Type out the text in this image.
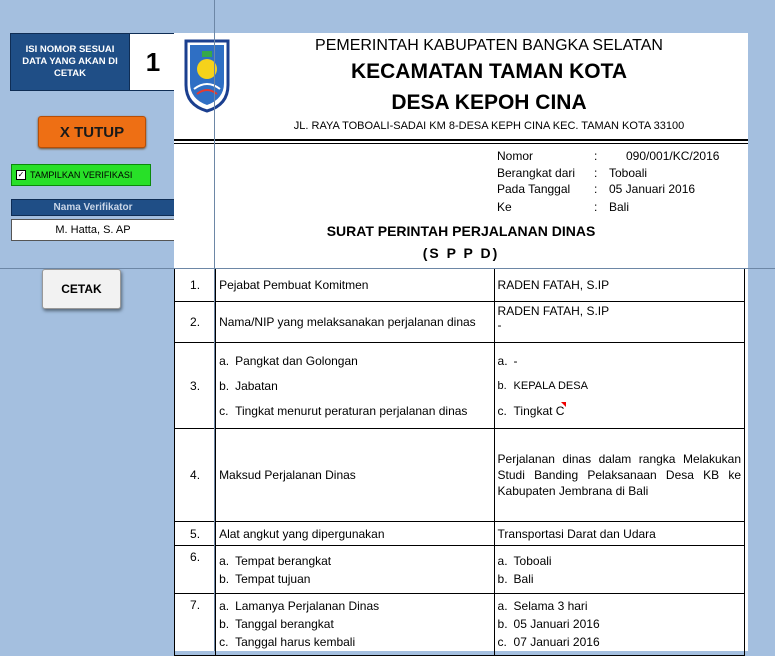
ISI NOMOR SESUAI DATA YANG AKAN DI CETAK	1
X TUTUP
✓ TAMPILKAN VERIFIKASI
Nama Verifikator
M. Hatta, S. AP
CETAK
PEMERINTAH KABUPATEN BANGKA SELATAN
KECAMATAN TAMAN KOTA
DESA KEPOH CINA
JL. RAYA TOBOALI-SADAI KM 8-DESA KEPH CINA KEC. TAMAN KOTA 33100
Nomor	: 090/001/KC/2016
Berangkat dari : Toboali
Pada Tanggal : 05 Januari 2016
Ke	: Bali
SURAT PERINTAH PERJALANAN DINAS
(S P P D)
1.	Pejabat Pembuat Komitmen	RADEN FATAH, S.IP
2.	Nama/NIP yang melaksanakan perjalanan dinas	RADEN FATAH, S.IP
-

3.	a. Pangkat dan Golongan
b. Jabatan
c. Tingkat menurut peraturan perjalanan dinas	a. -
b. KEPALA DESA
c. Tingkat C

4.	Maksud Perjalanan Dinas	Perjalanan dinas dalam rangka Melakukan Studi Banding Pelaksanaan Desa KB ke Kabupaten Jembrana di Bali
5.	Alat angkut yang dipergunakan	Transportasi Darat dan Udara
6.	a. Tempat berangkat
b. Tempat tujuan	a. Toboali
b. Bali

7.	a. Lamanya Perjalanan Dinas
b. Tanggal berangkat
c. Tanggal harus kembali	a. Selama 3 hari
b. 05 Januari 2016
c. 07 Januari 2016
